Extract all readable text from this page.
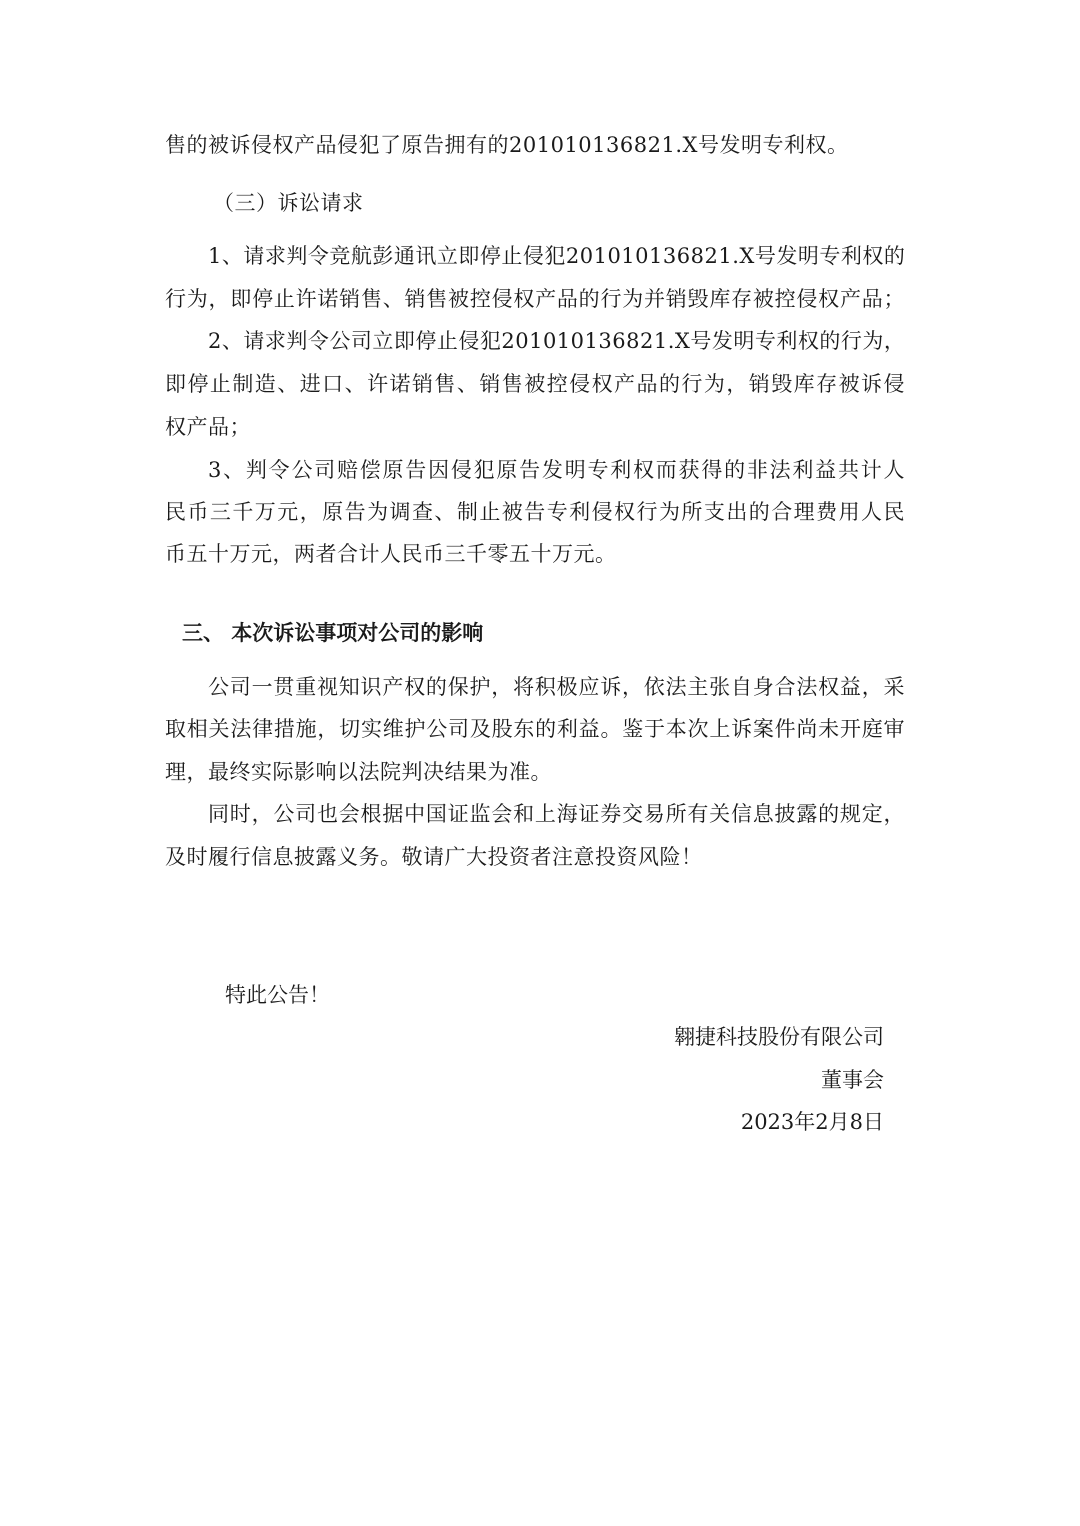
售的被诉侵权产品侵犯了原告拥有的201010136821.X号发明专利权。
（三）诉讼请求
1、请求判令竞航彭通讯立即停止侵犯201010136821.X号发明专利权的
行为，即停止许诺销售、销售被控侵权产品的行为并销毁库存被控侵权产品；
2、请求判令公司立即停止侵犯201010136821.X号发明专利权的行为，
即停止制造、进口、许诺销售、销售被控侵权产品的行为，销毁库存被诉侵
权产品；
3、判令公司赔偿原告因侵犯原告发明专利权而获得的非法利益共计人
民币三千万元，原告为调查、制止被告专利侵权行为所支出的合理费用人民
币五十万元，两者合计人民币三千零五十万元。
三、 本次诉讼事项对公司的影响
公司一贯重视知识产权的保护，将积极应诉，依法主张自身合法权益，采
取相关法律措施，切实维护公司及股东的利益。鉴于本次上诉案件尚未开庭审
理，最终实际影响以法院判决结果为准。
同时，公司也会根据中国证监会和上海证券交易所有关信息披露的规定，
及时履行信息披露义务。敬请广大投资者注意投资风险！
特此公告！
翱捷科技股份有限公司
董事会
2023年2月8日
